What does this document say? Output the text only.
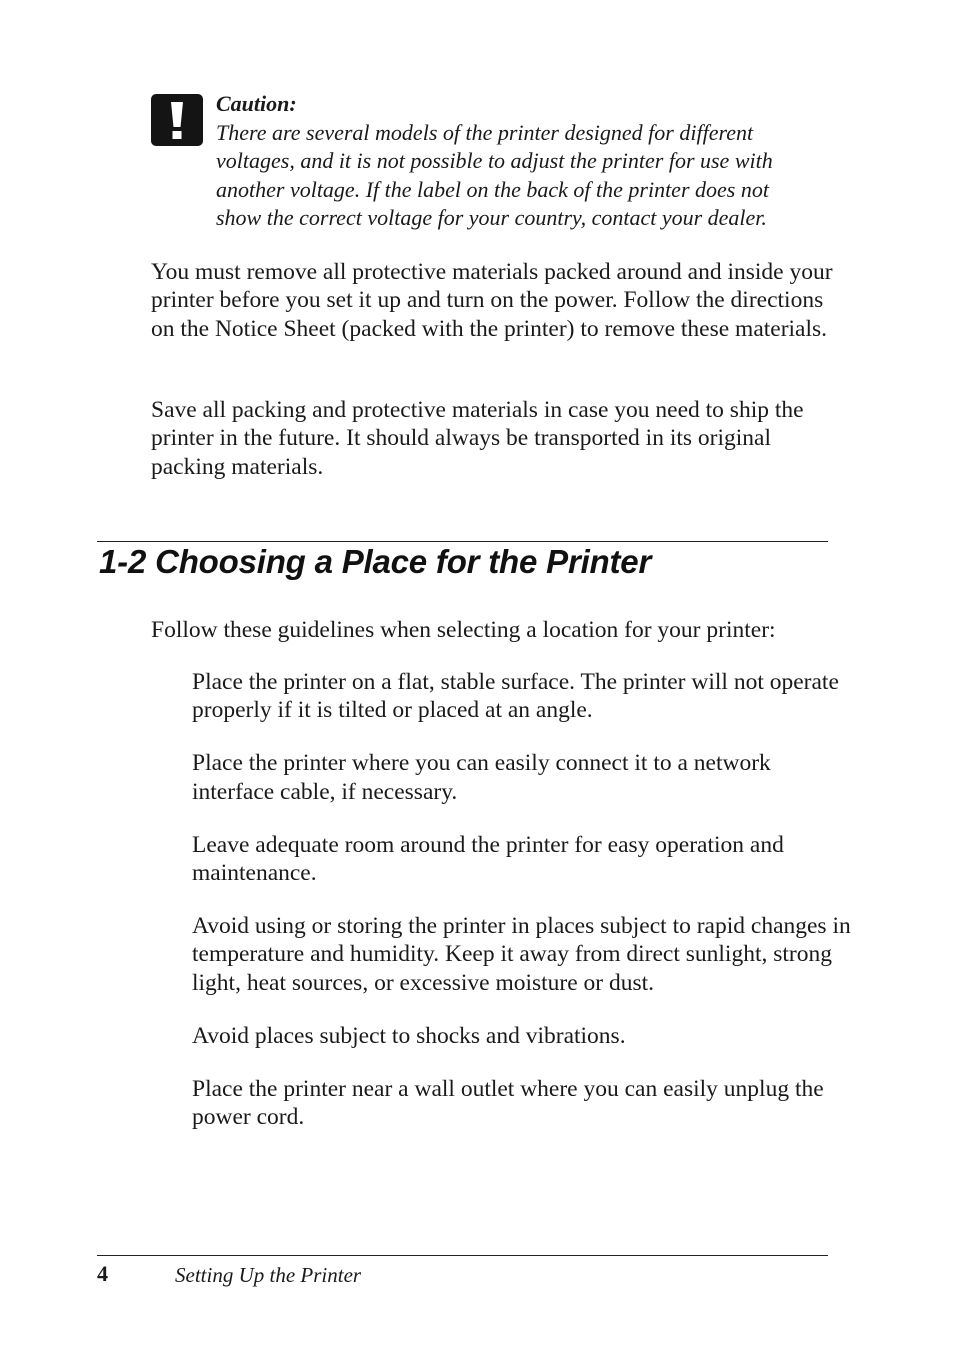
Caution:

There are several models of the printer designed for different
voltages, and it is not possible to adjust the printer for use with
another voltage. If the label on the back of the printer does not
show the correct voltage for your country, contact your dealer.

You must remove all protective materials packed around and inside your printer before you set it up and turn on the power. Follow the directions on the Notice Sheet (packed with the printer) to remove these materials.

Save all packing and protective materials in case you need to ship the printer in the future. It should always be transported in its original packing materials.

1-2 Choosing a Place for the Printer

Follow these guidelines when selecting a location for your printer:

Place the printer on a flat, stable surface. The printer will not operate properly if it is tilted or placed at an angle.
Place the printer where you can easily connect it to a network interface cable, if necessary.
Leave adequate room around the printer for easy operation and maintenance.
Avoid using or storing the printer in places subject to rapid changes in temperature and humidity. Keep it away from direct sunlight, strong light, heat sources, or excessive moisture or dust.
Avoid places subject to shocks and vibrations.
Place the printer near a wall outlet where you can easily unplug the power cord.
4	Setting Up the Printer
